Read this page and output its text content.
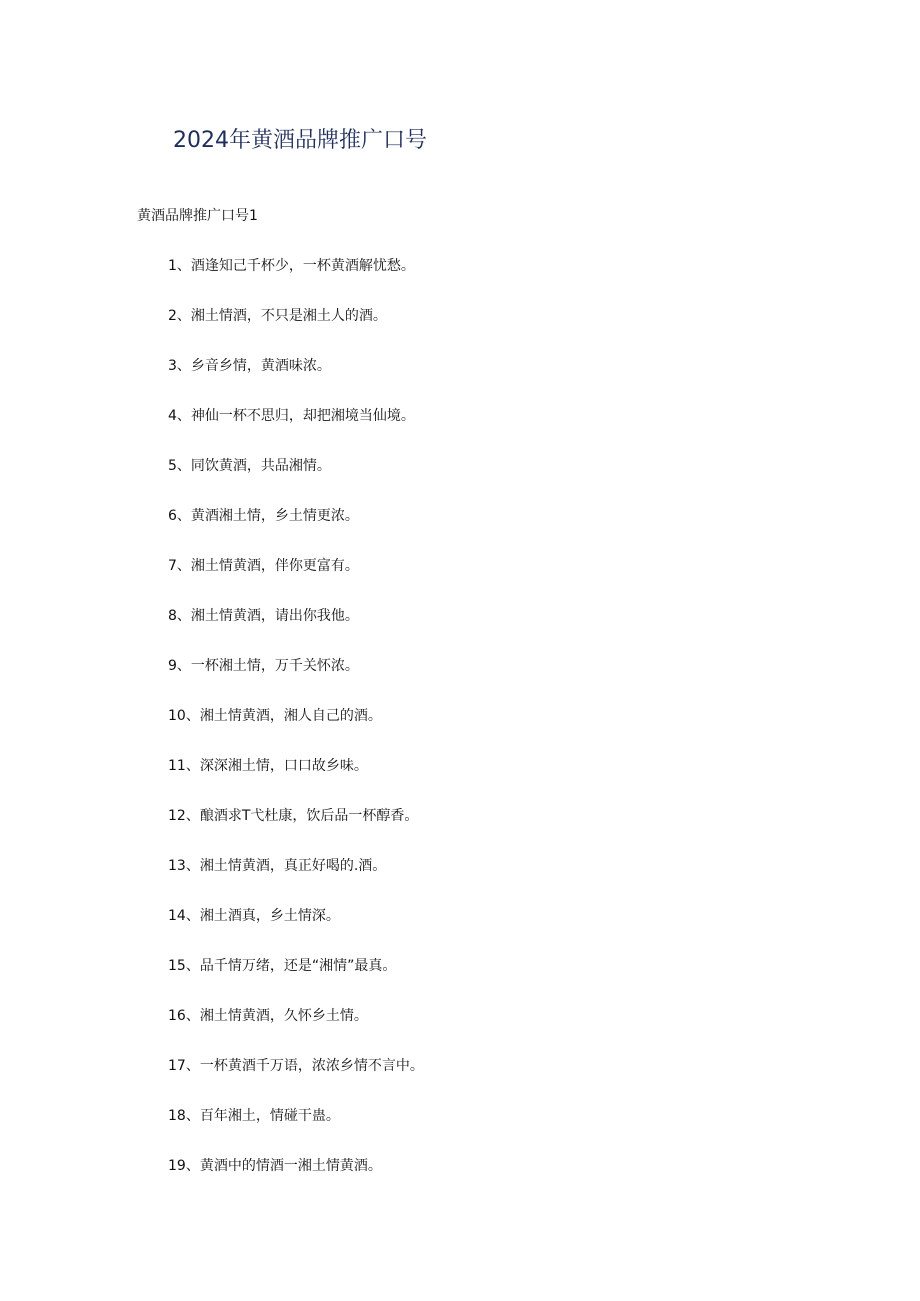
2024年黄酒品牌推广口号
黄酒品牌推广口号1
1、酒逢知己千杯少，一杯黄酒解忧愁。
2、湘土情酒，不只是湘土人的酒。
3、乡音乡情，黄酒味浓。
4、神仙一杯不思归，却把湘境当仙境。
5、同饮黄酒，共品湘情。
6、黄酒湘土情，乡土情更浓。
7、湘土情黄酒，伴你更富有。
8、湘土情黄酒，请出你我他。
9、一杯湘土情，万千关怀浓。
10、湘土情黄酒，湘人自己的酒。
11、深深湘土情，口口故乡味。
12、酿酒求T弋杜康，饮后品一杯醇香。
13、湘土情黄酒，真正好喝的.酒。
14、湘土酒真，乡土情深。
15、品千情万绪，还是“湘情”最真。
16、湘土情黄酒，久怀乡土情。
17、一杯黄酒千万语，浓浓乡情不言中。
18、百年湘土，情碰干蛊。
19、黄酒中的情酒一湘土情黄酒。
